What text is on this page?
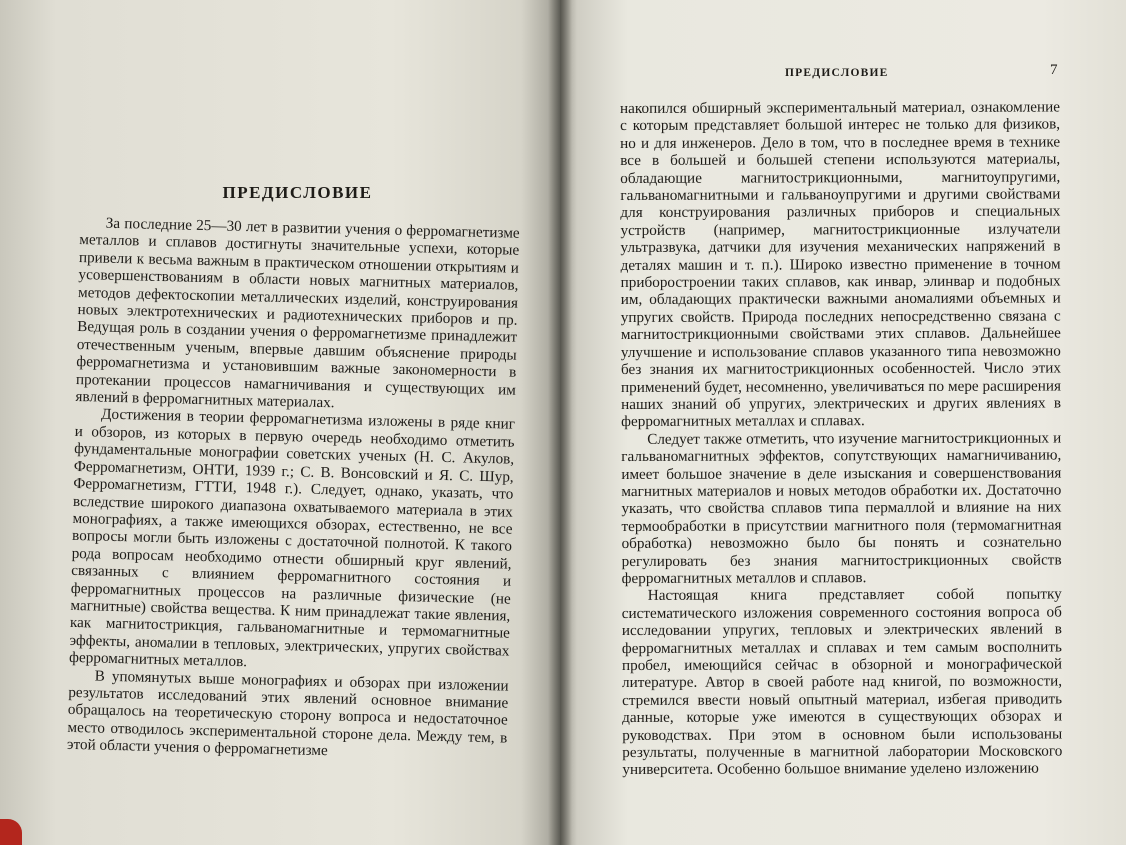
ПРЕДИСЛОВИЕ

За последние 25—30 лет в развитии учения о ферромагнетизме металлов и сплавов достигнуты значительные успехи, которые привели к весьма важным в практическом отношении открытиям и усовершенствованиям в области новых магнитных материалов, методов дефектоскопии металлических изделий, конструирования новых электротехнических и радиотехнических приборов и пр. Ведущая роль в создании учения о ферромагнетизме принадлежит отечественным ученым, впервые давшим объяснение природы ферромагнетизма и установившим важные закономерности в протекании процессов намагничивания и существующих им явлений в ферромагнитных материалах.

Достижения в теории ферромагнетизма изложены в ряде книг и обзоров, из которых в первую очередь необходимо отметить фундаментальные монографии советских ученых (Н. С. Акулов, Ферромагнетизм, ОНТИ, 1939 г.; С. В. Вонсовский и Я. С. Шур, Ферромагнетизм, ГТТИ, 1948 г.). Следует, однако, указать, что вследствие широкого диапазона охватываемого материала в этих монографиях, а также имеющихся обзорах, естественно, не все вопросы могли быть изложены с достаточной полнотой. К такого рода вопросам необходимо отнести обширный круг явлений, связанных с влиянием ферромагнитного состояния и ферромагнитных процессов на различные физические (не магнитные) свойства вещества. К ним принадлежат такие явления, как магнитострикция, гальваномагнитные и термомагнитные эффекты, аномалии в тепловых, электрических, упругих свойствах ферромагнитных металлов.

В упомянутых выше монографиях и обзорах при изложении результатов исследований этих явлений основное внимание обращалось на теоретическую сторону вопроса и недостаточное место отводилось экспериментальной стороне дела. Между тем, в этой области учения о ферромагнетизме

ПРЕДИСЛОВИЕ	7

накопился обширный экспериментальный материал, ознакомление с которым представляет большой интерес не только для физиков, но и для инженеров. Дело в том, что в последнее время в технике все в большей и большей степени используются материалы, обладающие магнитострикционными, магнитоупругими, гальваномагнитными и гальваноупругими и другими свойствами для конструирования различных приборов и специальных устройств (например, магнитострикционные излучатели ультразвука, датчики для изучения механических напряжений в деталях машин и т. п.). Широко известно применение в точном приборостроении таких сплавов, как инвар, элинвар и подобных им, обладающих практически важными аномалиями объемных и упругих свойств. Природа последних непосредственно связана с магнитострикционными свойствами этих сплавов. Дальнейшее улучшение и использование сплавов указанного типа невозможно без знания их магнитострикционных особенностей. Число этих применений будет, несомненно, увеличиваться по мере расширения наших знаний об упругих, электрических и других явлениях в ферромагнитных металлах и сплавах.

Следует также отметить, что изучение магнитострикционных и гальваномагнитных эффектов, сопутствующих намагничиванию, имеет большое значение в деле изыскания и совершенствования магнитных материалов и новых методов обработки их. Достаточно указать, что свойства сплавов типа пермаллой и влияние на них термообработки в присутствии магнитного поля (термомагнитная обработка) невозможно было бы понять и сознательно регулировать без знания магнитострикционных свойств ферромагнитных металлов и сплавов.

Настоящая книга представляет собой попытку систематического изложения современного состояния вопроса об исследовании упругих, тепловых и электрических явлений в ферромагнитных металлах и сплавах и тем самым восполнить пробел, имеющийся сейчас в обзорной и монографической литературе. Автор в своей работе над книгой, по возможности, стремился ввести новый опытный материал, избегая приводить данные, которые уже имеются в существующих обзорах и руководствах. При этом в основном были использованы результаты, полученные в магнитной лаборатории Московского университета. Особенно большое внимание уделено изложению
